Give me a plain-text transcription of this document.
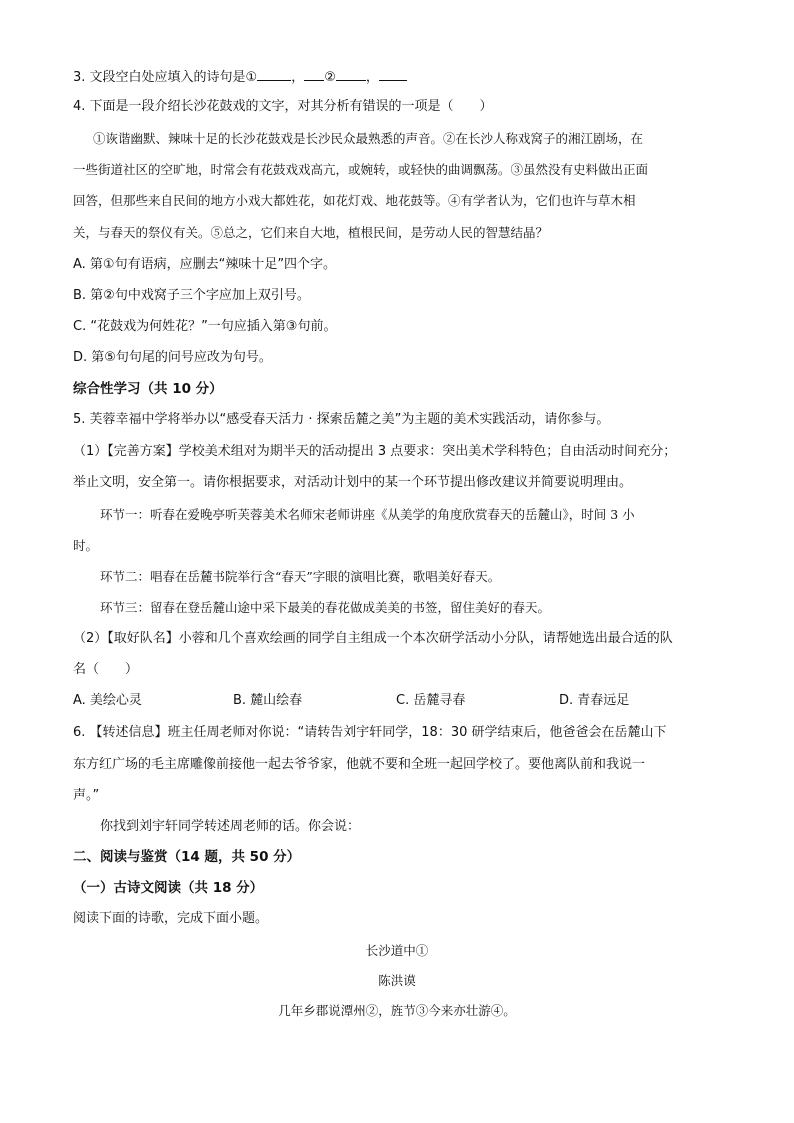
3. 文段空白处应填入的诗句是①	， ② ，
4. 下面是一段介绍长沙花鼓戏的文字，对其分析有错误的一项是（　　）
①诙谐幽默、辣味十足的长沙花鼓戏是长沙民众最熟悉的声音。②在长沙人称戏窝子的湘江剧场，在
一些街道社区的空旷地，时常会有花鼓戏戏高亢，或婉转，或轻快的曲调飘荡。③虽然没有史料做出正面
回答，但那些来自民间的地方小戏大都姓花，如花灯戏、地花鼓等。④有学者认为，它们也许与草木相
关，与春天的祭仪有关。⑤总之，它们来自大地，植根民间，是劳动人民的智慧结晶？
A. 第①句有语病，应删去“辣味十足”四个字。
B. 第②句中戏窝子三个字应加上双引号。
C. “花鼓戏为何姓花？”一句应插入第③句前。
D. 第⑤句句尾的问号应改为句号。
综合性学习（共 10 分）
5. 芙蓉幸福中学将举办以“感受春天活力 · 探索岳麓之美”为主题的美术实践活动，请你参与。
（1）【完善方案】学校美术组对为期半天的活动提出 3 点要求：突出美术学科特色；自由活动时间充分；
举止文明，安全第一。请你根据要求，对活动计划中的某一个环节提出修改建议并简要说明理由。
环节一：听春在爱晚亭听芙蓉美术名师宋老师讲座《从美学的角度欣赏春天的岳麓山》，时间 3 小
时。
环节二：唱春在岳麓书院举行含“春天”字眼的演唱比赛，歌唱美好春天。
环节三：留春在登岳麓山途中采下最美的春花做成美美的书签，留住美好的春天。
（2）【取好队名】小蓉和几个喜欢绘画的同学自主组成一个本次研学活动小分队，请帮她选出最合适的队
名（　　）
A. 美绘心灵	B. 麓山绘春	C. 岳麓寻春	D. 青春远足
6. 【转述信息】班主任周老师对你说：“请转告刘宇轩同学，18：30 研学结束后，他爸爸会在岳麓山下
东方红广场的毛主席雕像前接他一起去爷爷家，他就不要和全班一起回学校了。要他离队前和我说一
声。”
你找到刘宇轩同学转述周老师的话。你会说：
二、阅读与鉴赏（14 题，共 50 分）
（一）古诗文阅读（共 18 分）
阅读下面的诗歌，完成下面小题。
长沙道中①
陈洪谟
几年乡郡说潭州②，旌节③今来亦壮游④。
